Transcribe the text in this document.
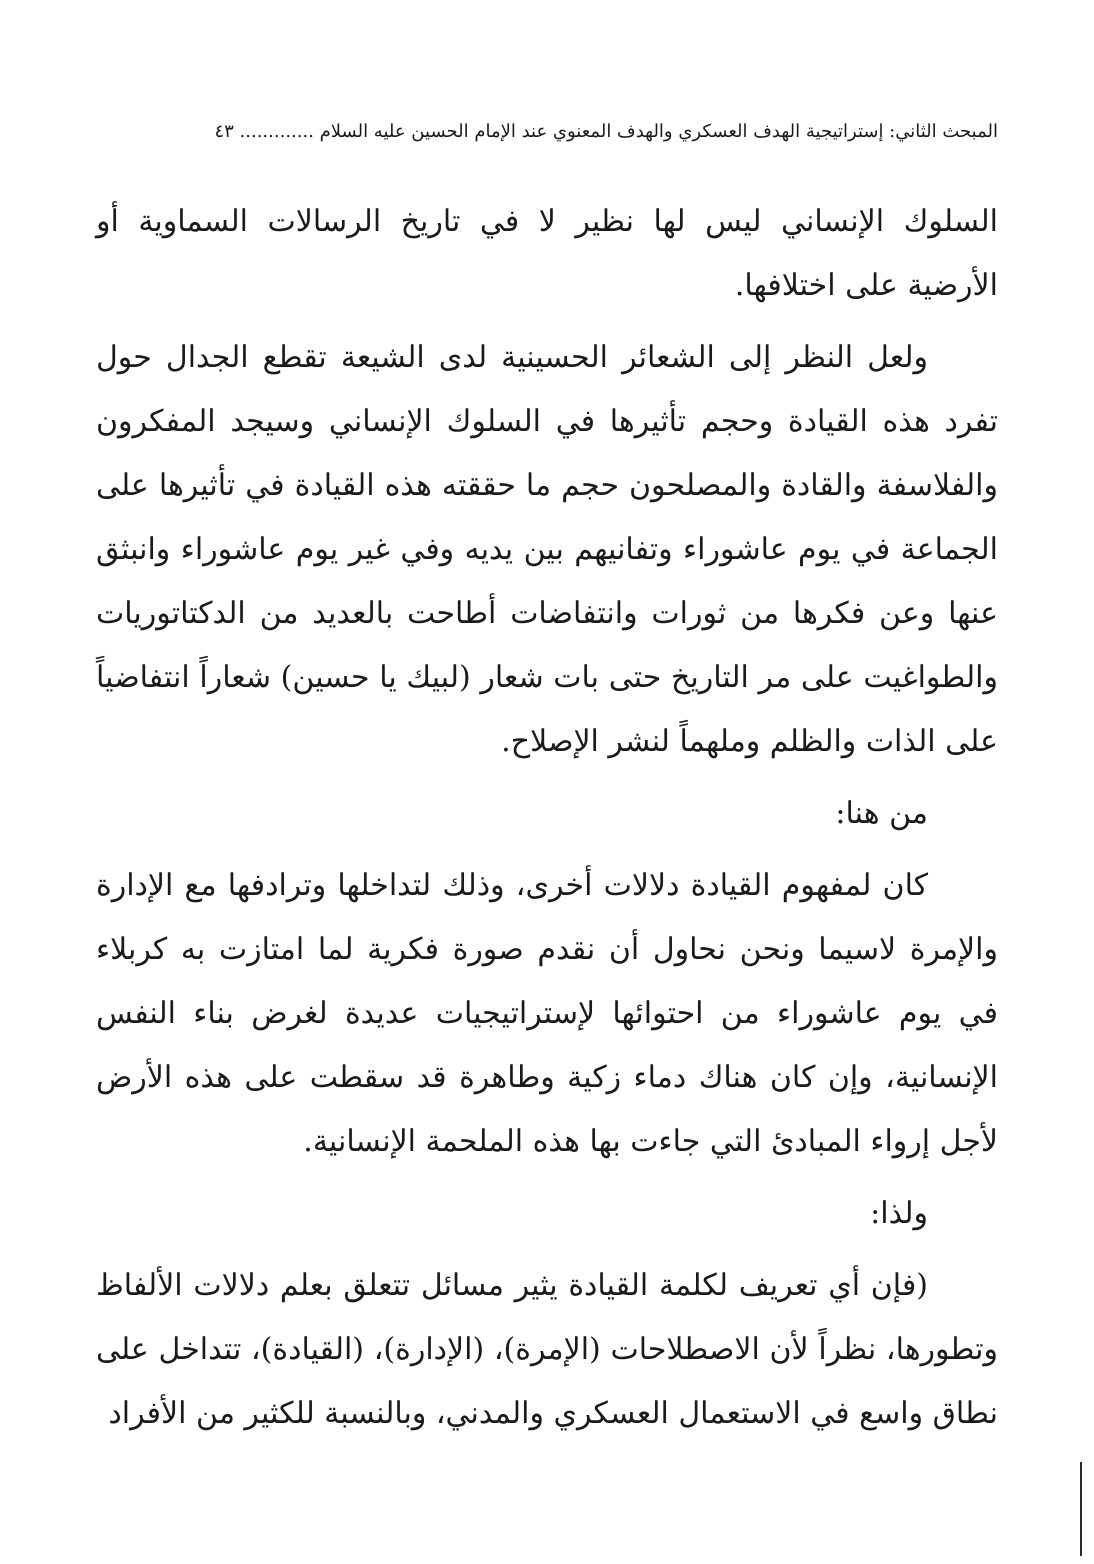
المبحث الثاني: إستراتيجية الهدف العسكري والهدف المعنوي عند الإمام الحسين عليه السلام ............. ٤٣

السلوك الإنساني ليس لها نظير لا في تاريخ الرسالات السماوية أو الأرضية على اختلافها.

ولعل النظر إلى الشعائر الحسينية لدى الشيعة تقطع الجدال حول تفرد هذه القيادة وحجم تأثيرها في السلوك الإنساني وسيجد المفكرون والفلاسفة والقادة والمصلحون حجم ما حققته هذه القيادة في تأثيرها على الجماعة في يوم عاشوراء وتفانيهم بين يديه وفي غير يوم عاشوراء وانبثق عنها وعن فكرها من ثورات وانتفاضات أطاحت بالعديد من الدكتاتوريات والطواغيت على مر التاريخ حتى بات شعار (لبيك يا حسين) شعاراً انتفاضياً على الذات والظلم وملهماً لنشر الإصلاح.

من هنا:

كان لمفهوم القيادة دلالات أخرى، وذلك لتداخلها وترادفها مع الإدارة والإمرة لاسيما ونحن نحاول أن نقدم صورة فكرية لما امتازت به كربلاء في يوم عاشوراء من احتوائها لإستراتيجيات عديدة لغرض بناء النفس الإنسانية، وإن كان هناك دماء زكية وطاهرة قد سقطت على هذه الأرض لأجل إرواء المبادئ التي جاءت بها هذه الملحمة الإنسانية.

ولذا:

(فإن أي تعريف لكلمة القيادة يثير مسائل تتعلق بعلم دلالات الألفاظ وتطورها، نظراً لأن الاصطلاحات (الإمرة)، (الإدارة)، (القيادة)، تتداخل على نطاق واسع في الاستعمال العسكري والمدني، وبالنسبة للكثير من الأفراد
